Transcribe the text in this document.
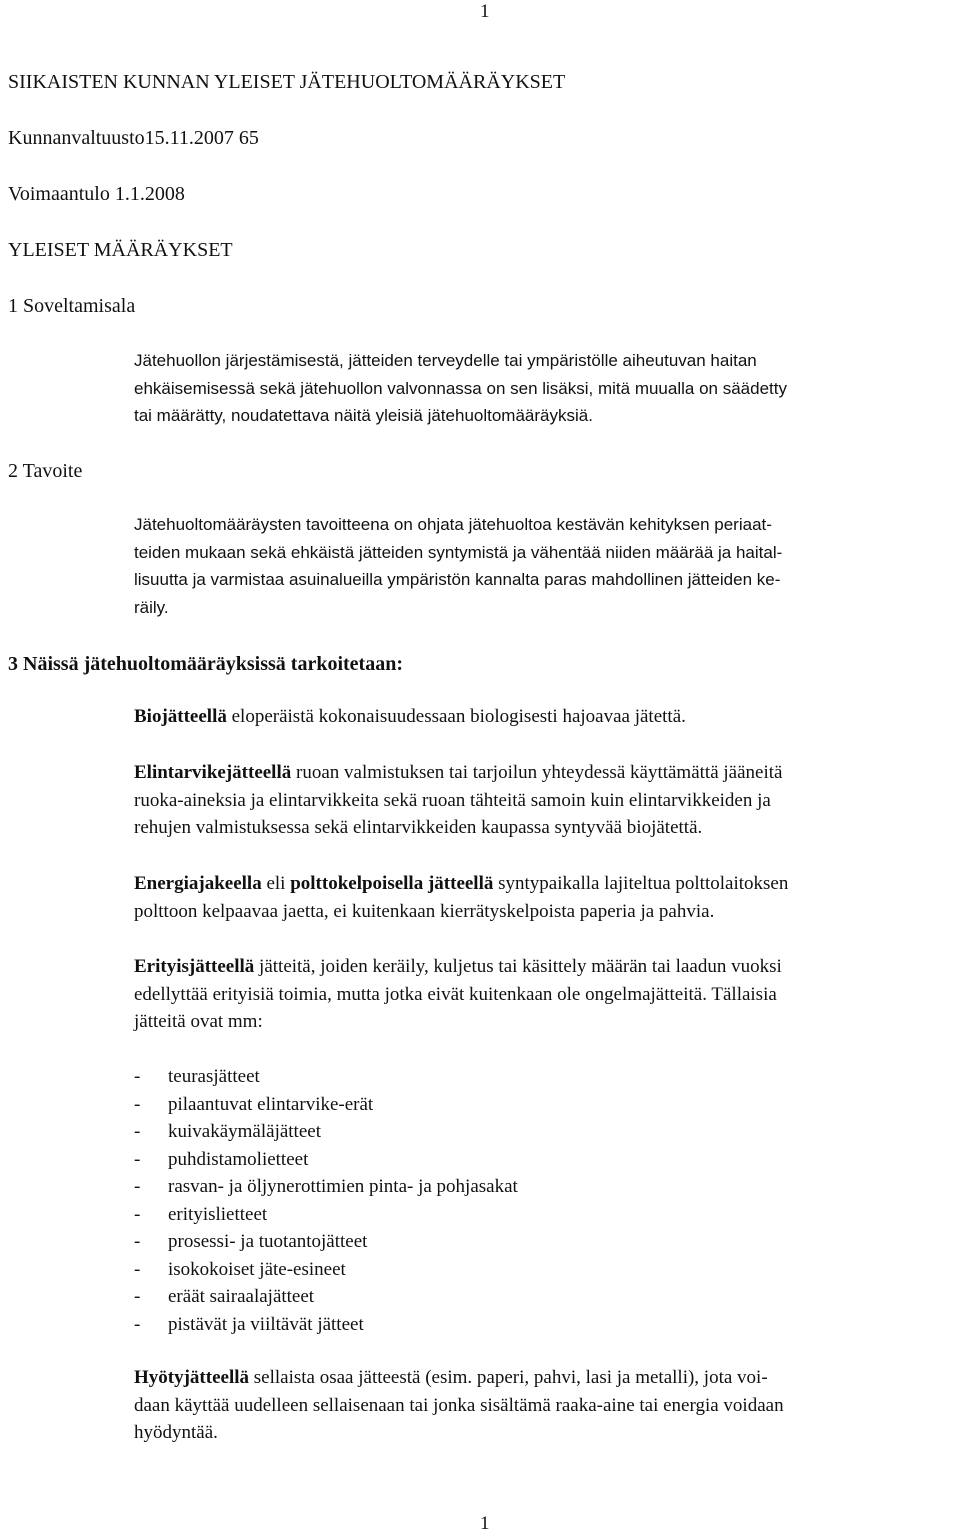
1
SIIKAISTEN KUNNAN YLEISET JÄTEHUOLTOMÄÄRÄYKSET
Kunnanvaltuusto15.11.2007 65
Voimaantulo 1.1.2008
YLEISET MÄÄRÄYKSET
1 Soveltamisala
Jätehuollon järjestämisestä, jätteiden terveydelle tai ympäristölle aiheutuvan haitan
ehkäisemisessä sekä jätehuollon valvonnassa on sen lisäksi, mitä muualla on säädetty
tai määrätty, noudatettava näitä yleisiä jätehuoltomääräyksiä.
2 Tavoite
Jätehuoltomääräysten tavoitteena on ohjata jätehuoltoa kestävän kehityksen periaat-
teiden mukaan sekä ehkäistä jätteiden syntymistä ja vähentää niiden määrää ja haital-
lisuutta ja varmistaa asuinalueilla ympäristön kannalta paras mahdollinen jätteiden ke-
räily.
3 Näissä jätehuoltomääräyksissä tarkoitetaan:
Biojätteellä eloperäistä kokonaisuudessaan biologisesti hajoavaa jätettä.
Elintarvikejätteellä ruoan valmistuksen tai tarjoilun yhteydessä käyttämättä jääneitä
ruoka-aineksia ja elintarvikkeita sekä ruoan tähteitä samoin kuin elintarvikkeiden ja
rehujen valmistuksessa sekä elintarvikkeiden kaupassa syntyvää biojätettä.
Energiajakeella eli polttokelpoisella jätteellä syntypaikalla lajiteltua polttolaitoksen
polttoon kelpaavaa jaetta, ei kuitenkaan kierrätyskelpoista paperia ja pahvia.
Erityisjätteellä jätteitä, joiden keräily, kuljetus tai käsittely määrän tai laadun vuoksi
edellyttää erityisiä toimia, mutta jotka eivät kuitenkaan ole ongelmajätteitä. Tällaisia
jätteitä ovat mm:
- teurasjätteet
- pilaantuvat elintarvike-erät
- kuivakäymäläjätteet
- puhdistamolietteet
- rasvan- ja öljynerottimien pinta- ja pohjasakat
- erityislietteet
- prosessi- ja tuotantojätteet
- isokokoiset jäte-esineet
- eräät sairaalajätteet
- pistävät ja viiltävät jätteet
Hyötyjätteellä sellaista osaa jätteestä (esim. paperi, pahvi, lasi ja metalli), jota voi-
daan käyttää uudelleen sellaisenaan tai jonka sisältämä raaka-aine tai energia voidaan
hyödyntää.
1
